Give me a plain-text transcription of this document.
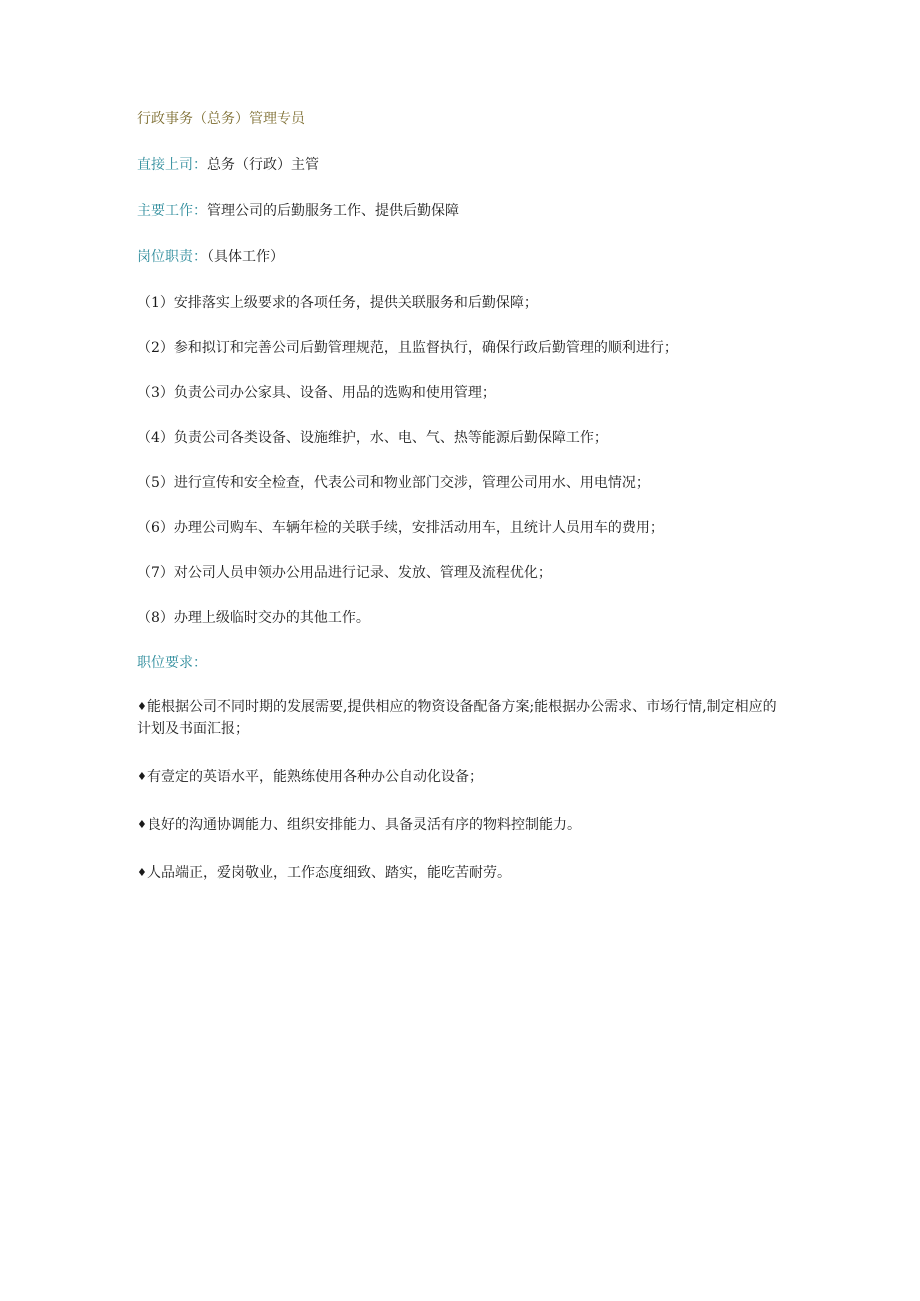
行政事务（总务）管理专员
直接上司：总务（行政）主管
主要工作：管理公司的后勤服务工作、提供后勤保障
岗位职责：（具体工作）
（1）安排落实上级要求的各项任务，提供关联服务和后勤保障；
（2）参和拟订和完善公司后勤管理规范，且监督执行，确保行政后勤管理的顺利进行；
（3）负责公司办公家具、设备、用品的选购和使用管理；
（4）负责公司各类设备、设施维护，水、电、气、热等能源后勤保障工作；
（5）进行宣传和安全检查，代表公司和物业部门交涉，管理公司用水、用电情况；
（6）办理公司购车、车辆年检的关联手续，安排活动用车，且统计人员用车的费用；
（7）对公司人员申领办公用品进行记录、发放、管理及流程优化；
（8）办理上级临时交办的其他工作。
职位要求：
♦能根据公司不同时期的发展需要,提供相应的物资设备配备方案;能根据办公需求、市场行情,制定相应的计划及书面汇报；
♦有壹定的英语水平，能熟练使用各种办公自动化设备；
♦良好的沟通协调能力、组织安排能力、具备灵活有序的物料控制能力。
♦人品端正，爱岗敬业，工作态度细致、踏实，能吃苦耐劳。
